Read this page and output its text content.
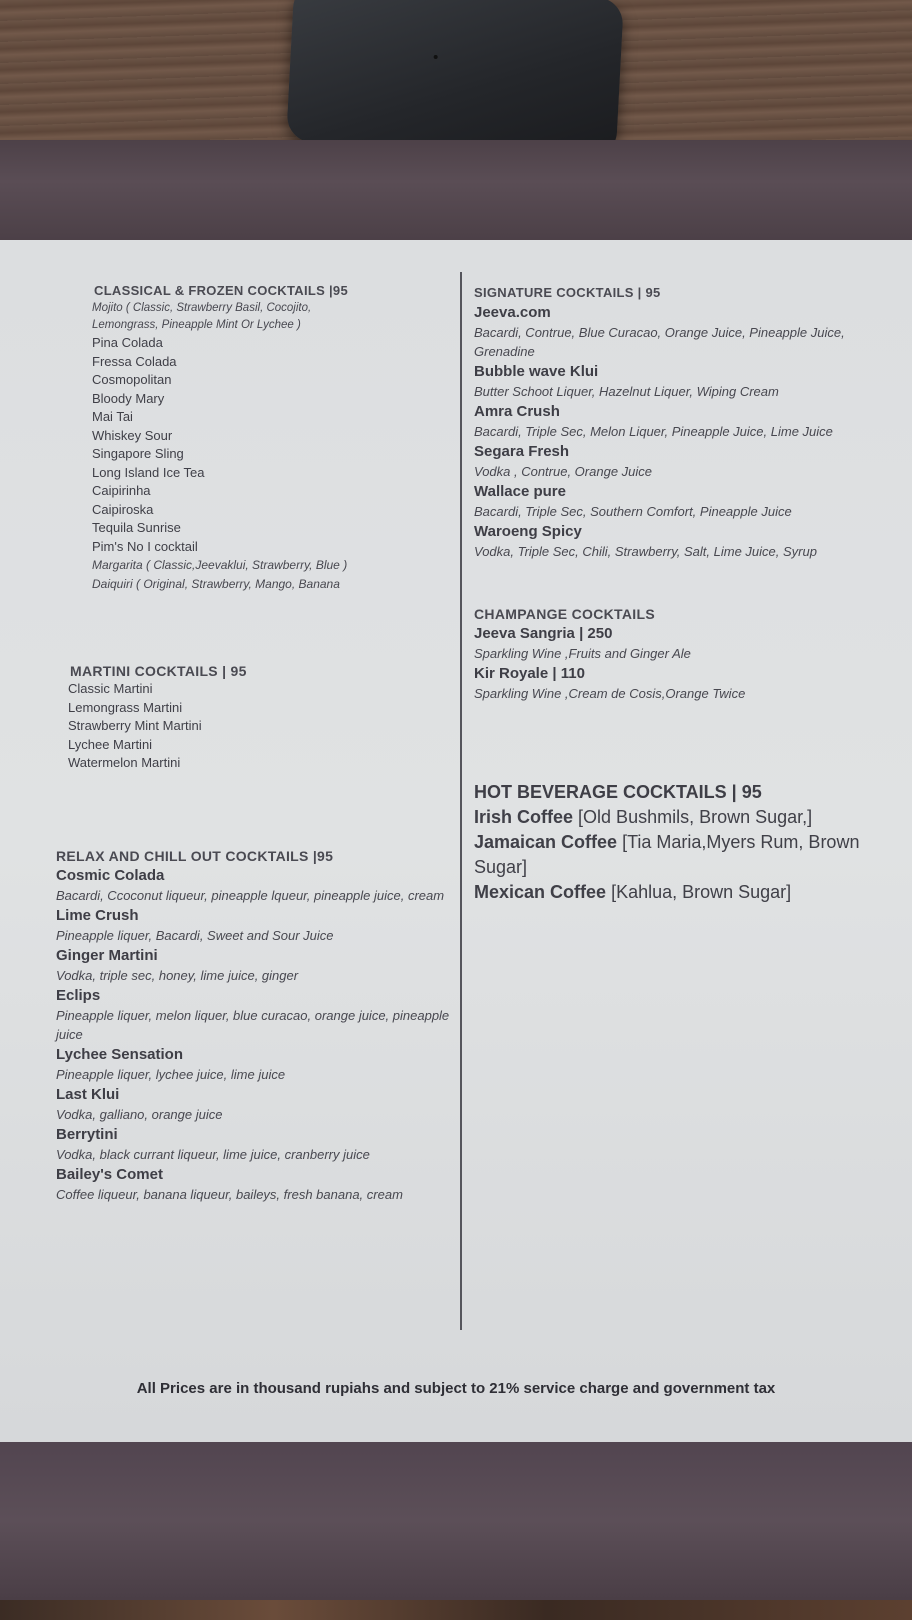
CLASSICAL & FROZEN COCKTAILS |95
Mojito ( Classic, Strawberry Basil, Cocojito,
Lemongrass, Pineapple Mint Or Lychee )
Pina Colada
Fressa Colada
Cosmopolitan
Bloody Mary
Mai Tai
Whiskey Sour
Singapore Sling
Long Island Ice Tea
Caipirinha
Caipiroska
Tequila Sunrise
Pim's No I cocktail
Margarita ( Classic,Jeevaklui, Strawberry, Blue )
Daiquiri ( Original, Strawberry, Mango, Banana
MARTINI COCKTAILS | 95
Classic Martini
Lemongrass Martini
Strawberry Mint Martini
Lychee Martini
Watermelon Martini
RELAX AND CHILL OUT COCKTAILS |95
Cosmic Colada
Bacardi, Ccoconut liqueur, pineapple lqueur, pineapple juice, cream
Lime Crush
Pineapple liquer, Bacardi, Sweet and Sour Juice
Ginger Martini
Vodka, triple sec, honey, lime juice, ginger
Eclips
Pineapple liquer, melon liquer, blue curacao, orange juice, pineapple juice
Lychee Sensation
Pineapple liquer, lychee juice, lime juice
Last Klui
Vodka, galliano, orange juice
Berrytini
Vodka, black currant liqueur, lime juice, cranberry juice
Bailey's Comet
Coffee liqueur, banana liqueur, baileys, fresh banana, cream
SIGNATURE COCKTAILS | 95
Jeeva.com
Bacardi, Contrue, Blue Curacao, Orange Juice, Pineapple Juice, Grenadine
Bubble wave Klui
Butter Schoot Liquer, Hazelnut Liquer, Wiping Cream
Amra Crush
Bacardi, Triple Sec, Melon Liquer, Pineapple Juice, Lime Juice
Segara Fresh
Vodka , Contrue, Orange Juice
Wallace pure
Bacardi, Triple Sec, Southern Comfort, Pineapple Juice
Waroeng Spicy
Vodka, Triple Sec, Chili, Strawberry, Salt, Lime Juice, Syrup
CHAMPANGE COCKTAILS
Jeeva Sangria | 250
Sparkling Wine ,Fruits and Ginger Ale
Kir Royale | 110
Sparkling Wine ,Cream de Cosis,Orange Twice
HOT BEVERAGE COCKTAILS | 95
Irish Coffee [Old Bushmils, Brown Sugar,]
Jamaican Coffee [Tia Maria,Myers Rum, Brown Sugar]
Mexican Coffee [Kahlua, Brown Sugar]
All Prices are in thousand rupiahs and subject to 21% service charge and government tax
